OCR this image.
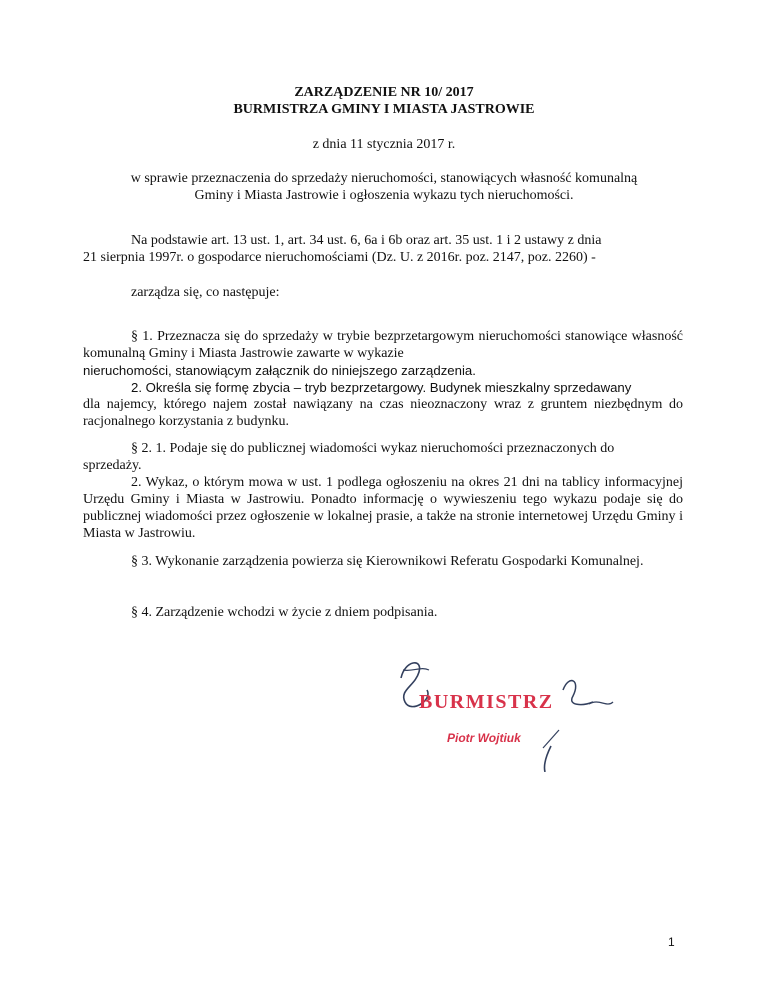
ZARZĄDZENIE NR 10/ 2017
BURMISTRZA GMINY I MIASTA JASTROWIE
z dnia 11 stycznia 2017 r.
w sprawie przeznaczenia do sprzedaży nieruchomości, stanowiących własność komunalną
Gminy i Miasta Jastrowie i ogłoszenia wykazu tych nieruchomości.
Na podstawie art. 13 ust. 1, art. 34 ust. 6, 6a i 6b oraz art. 35 ust. 1 i 2 ustawy z dnia
21 sierpnia 1997r. o gospodarce nieruchomościami (Dz. U. z 2016r. poz. 2147, poz. 2260) -
zarządza się, co następuje:
§ 1. Przeznacza się do sprzedaży w trybie bezprzetargowym nieruchomości stanowiące własność komunalną Gminy i Miasta Jastrowie zawarte w wykazie
nieruchomości, stanowiącym załącznik do niniejszego zarządzenia.
2. Określa się formę zbycia – tryb bezprzetargowy. Budynek mieszkalny sprzedawany
dla najemcy, którego najem został nawiązany na czas nieoznaczony wraz z gruntem niezbędnym do racjonalnego korzystania z budynku.
§ 2. 1. Podaje się do publicznej wiadomości wykaz nieruchomości przeznaczonych do
sprzedaży.
2. Wykaz, o którym mowa w ust. 1 podlega ogłoszeniu na okres 21 dni na tablicy informacyjnej Urzędu Gminy i Miasta w Jastrowiu. Ponadto informację o wywieszeniu tego wykazu podaje się do publicznej wiadomości przez ogłoszenie w lokalnej prasie, a także na stronie internetowej Urzędu Gminy i Miasta w Jastrowiu.
§ 3. Wykonanie zarządzenia powierza się Kierownikowi Referatu Gospodarki Komunalnej.
§ 4. Zarządzenie wchodzi w życie z dniem podpisania.
BURMISTRZ
Piotr Wojtiuk
1
